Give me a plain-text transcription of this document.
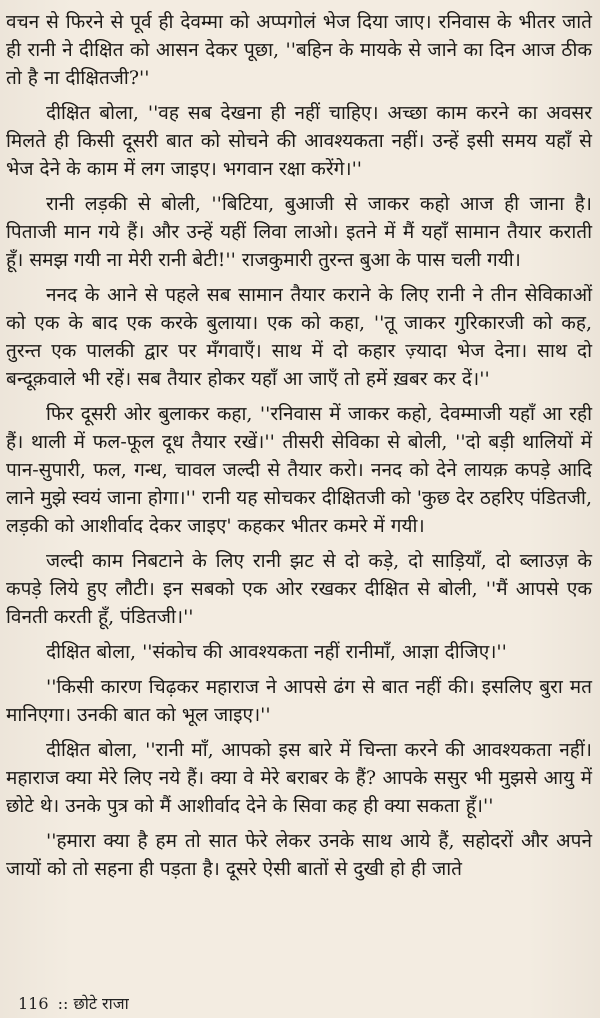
वचन से फिरने से पूर्व ही देवम्मा को अप्पगोलं भेज दिया जाए। रनिवास के भीतर जाते ही रानी ने दीक्षित को आसन देकर पूछा, ''बहिन के मायके से जाने का दिन आज ठीक तो है ना दीक्षितजी?''

दीक्षित बोला, ''वह सब देखना ही नहीं चाहिए। अच्छा काम करने का अवसर मिलते ही किसी दूसरी बात को सोचने की आवश्यकता नहीं। उन्हें इसी समय यहाँ से भेज देने के काम में लग जाइए। भगवान रक्षा करेंगे।''

रानी लड़की से बोली, ''बिटिया, बुआजी से जाकर कहो आज ही जाना है। पिताजी मान गये हैं। और उन्हें यहीं लिवा लाओ। इतने में मैं यहाँ सामान तैयार कराती हूँ। समझ गयी ना मेरी रानी बेटी!'' राजकुमारी तुरन्त बुआ के पास चली गयी।

ननद के आने से पहले सब सामान तैयार कराने के लिए रानी ने तीन सेविकाओं को एक के बाद एक करके बुलाया। एक को कहा, ''तू जाकर गुरिकारजी को कह, तुरन्त एक पालकी द्वार पर मँगवाएँ। साथ में दो कहार ज़्यादा भेज देना। साथ दो बन्दूक़वाले भी रहें। सब तैयार होकर यहाँ आ जाएँ तो हमें ख़बर कर दें।''

फिर दूसरी ओर बुलाकर कहा, ''रनिवास में जाकर कहो, देवम्माजी यहाँ आ रही हैं। थाली में फल-फूल दूध तैयार रखें।'' तीसरी सेविका से बोली, ''दो बड़ी थालियों में पान-सुपारी, फल, गन्ध, चावल जल्दी से तैयार करो। ननद को देने लायक़ कपड़े आदि लाने मुझे स्वयं जाना होगा।'' रानी यह सोचकर दीक्षितजी को 'कुछ देर ठहरिए पंडितजी, लड़की को आशीर्वाद देकर जाइए' कहकर भीतर कमरे में गयी।

जल्दी काम निबटाने के लिए रानी झट से दो कड़े, दो साड़ियाँ, दो ब्लाउज़ के कपड़े लिये हुए लौटी। इन सबको एक ओर रखकर दीक्षित से बोली, ''मैं आपसे एक विनती करती हूँ, पंडितजी।''

दीक्षित बोला, ''संकोच की आवश्यकता नहीं रानीमाँ, आज्ञा दीजिए।''

''किसी कारण चिढ़कर महाराज ने आपसे ढंग से बात नहीं की। इसलिए बुरा मत मानिएगा। उनकी बात को भूल जाइए।''

दीक्षित बोला, ''रानी माँ, आपको इस बारे में चिन्ता करने की आवश्यकता नहीं। महाराज क्या मेरे लिए नये हैं। क्या वे मेरे बराबर के हैं? आपके ससुर भी मुझसे आयु में छोटे थे। उनके पुत्र को मैं आशीर्वाद देने के सिवा कह ही क्या सकता हूँ।''

''हमारा क्या है हम तो सात फेरे लेकर उनके साथ आये हैं, सहोदरों और अपने जायों को तो सहना ही पड़ता है। दूसरे ऐसी बातों से दुखी हो ही जाते

116 :: छोटे राजा
